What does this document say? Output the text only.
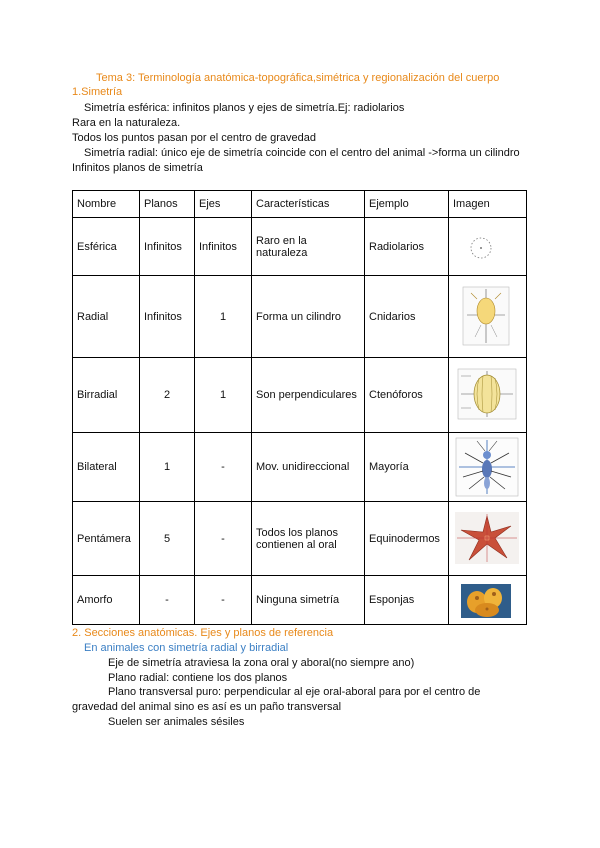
Tema 3: Terminología anatómica-topográfica,simétrica y regionalización del cuerpo
1.Simetría
Simetría esférica: infinitos planos y ejes de simetría.Ej: radiolarios
Rara en la naturaleza.
Todos los puntos pasan por el centro de gravedad
Simetría radial: único eje de simetría coincide con el centro del animal ->forma un cilindro
Infinitos planos de simetría
Nombre	Planos	Ejes	Características	Ejemplo	Imagen
Esférica	Infinitos	Infinitos	Raro en la naturaleza	Radiolarios	

Radial	Infinitos	1	Forma un cilindro	Cnidarios	

Birradial	2	1	Son perpendiculares	Ctenóforos	

Bilateral	1	-	Mov. unidireccional	Mayoría	

Pentámera	5	-	Todos los planos contienen al oral	Equinodermos	

Amorfo	-	-	Ninguna simetría	Esponjas	
2. Secciones anatómicas. Ejes y planos de referencia
En animales con simetría radial y birradial
Eje de simetría atraviesa la zona oral y aboral(no siempre ano)
Plano radial: contiene los dos planos
Plano transversal puro: perpendicular al eje oral-aboral para por el centro de
gravedad del animal sino es así es un paño transversal
Suelen ser animales sésiles
